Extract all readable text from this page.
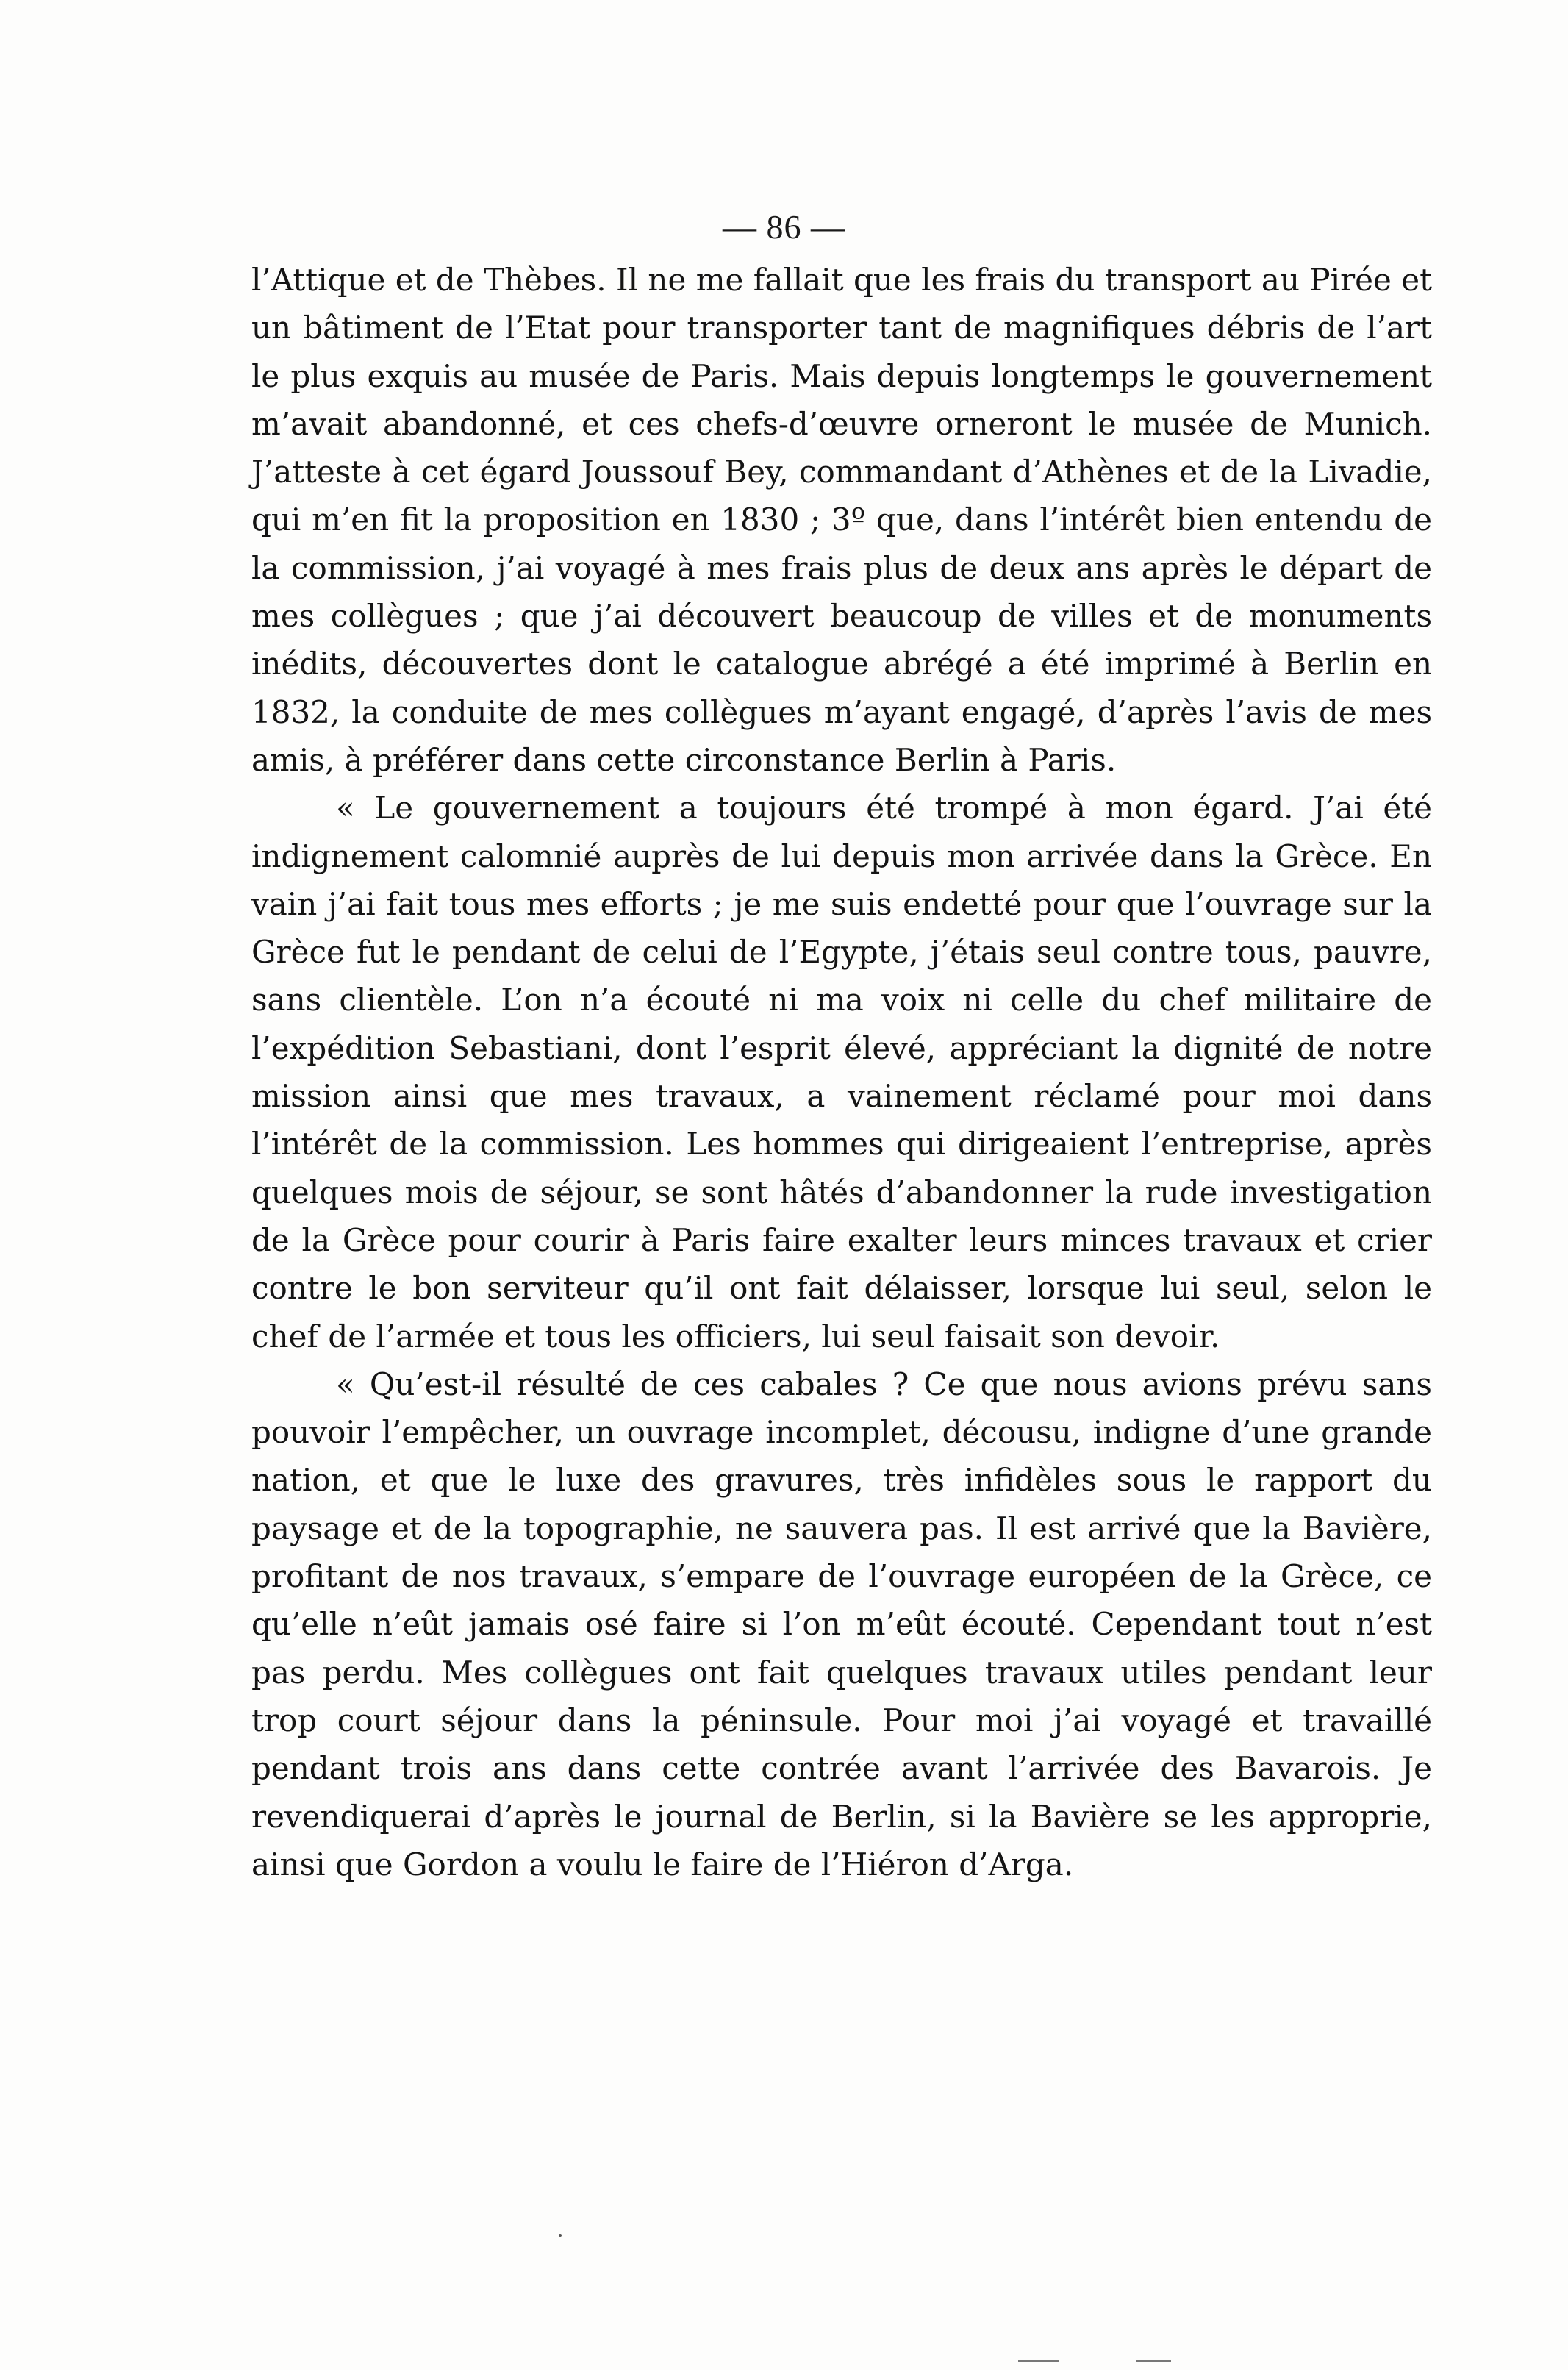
— 86 —

l’Attique et de Thèbes. Il ne me fallait que les frais du transport au Pirée et un bâtiment de l’Etat pour transporter tant de magnifiques débris de l’art le plus exquis au musée de Paris. Mais depuis longtemps le gouvernement m’avait abandonné, et ces chefs-d’œuvre orneront le musée de Munich. J’atteste à cet égard Joussouf Bey, commandant d’Athènes et de la Livadie, qui m’en fit la proposition en 1830 ; 3º que, dans l’intérêt bien entendu de la commission, j’ai voyagé à mes frais plus de deux ans après le départ de mes collègues ; que j’ai découvert beaucoup de villes et de monuments inédits, découvertes dont le catalogue abrégé a été imprimé à Berlin en 1832, la conduite de mes collègues m’ayant engagé, d’après l’avis de mes amis, à préférer dans cette circonstance Berlin à Paris.

« Le gouvernement a toujours été trompé à mon égard. J’ai été indignement calomnié auprès de lui depuis mon arrivée dans la Grèce. En vain j’ai fait tous mes efforts ; je me suis endetté pour que l’ouvrage sur la Grèce fut le pendant de celui de l’Egypte, j’étais seul contre tous, pauvre, sans clientèle. L’on n’a écouté ni ma voix ni celle du chef militaire de l’expédition Sebastiani, dont l’esprit élevé, appréciant la dignité de notre mission ainsi que mes travaux, a vainement réclamé pour moi dans l’intérêt de la commission. Les hommes qui dirigeaient l’entreprise, après quelques mois de séjour, se sont hâtés d’abandonner la rude investigation de la Grèce pour courir à Paris faire exalter leurs minces travaux et crier contre le bon serviteur qu’il ont fait délaisser, lorsque lui seul, selon le chef de l’armée et tous les officiers, lui seul faisait son devoir.

« Qu’est-il résulté de ces cabales ? Ce que nous avions prévu sans pouvoir l’empêcher, un ouvrage incomplet, décousu, indigne d’une grande nation, et que le luxe des gravures, très infidèles sous le rapport du paysage et de la topographie, ne sauvera pas. Il est arrivé que la Bavière, profitant de nos travaux, s’empare de l’ouvrage européen de la Grèce, ce qu’elle n’eût jamais osé faire si l’on m’eût écouté. Cependant tout n’est pas perdu. Mes collègues ont fait quelques travaux utiles pendant leur trop court séjour dans la péninsule. Pour moi j’ai voyagé et travaillé pendant trois ans dans cette contrée avant l’arrivée des Bavarois. Je revendiquerai d’après le journal de Berlin, si la Bavière se les approprie, ainsi que Gordon a voulu le faire de l’Hiéron d’Arga.
